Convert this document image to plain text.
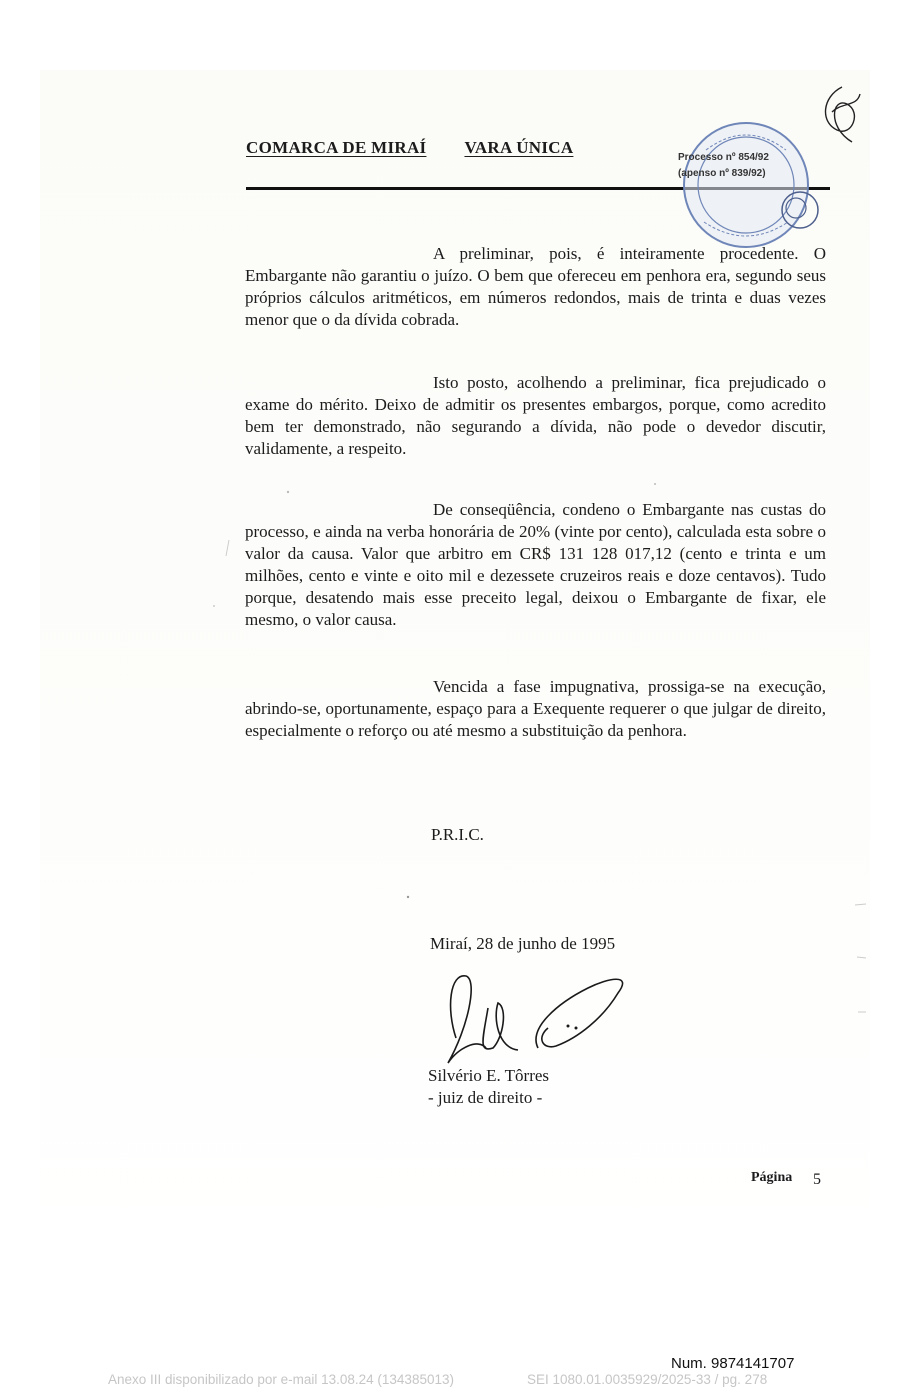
COMARCA DE MIRAÍ VARA ÚNICA
Processo nº 854/92
(apenso nº 839/92)

A preliminar, pois, é inteiramente procedente. O Embargante não garantiu o juízo. O bem que ofereceu em penhora era, segundo seus próprios cálculos aritméticos, em números redondos, mais de trinta e duas vezes menor que o da dívida cobrada.

Isto posto, acolhendo a preliminar, fica prejudicado o exame do mérito. Deixo de admitir os presentes embargos, porque, como acredito bem ter demonstrado, não segurando a dívida, não pode o devedor discutir, validamente, a respeito.

De conseqüência, condeno o Embargante nas custas do processo, e ainda na verba honorária de 20% (vinte por cento), calculada esta sobre o valor da causa. Valor que arbitro em CR$ 131 128 017,12 (cento e trinta e um milhões, cento e vinte e oito mil e dezessete cruzeiros reais e doze centavos). Tudo porque, desatendo mais esse preceito legal, deixou o Embargante de fixar, ele mesmo, o valor causa.

Vencida a fase impugnativa, prossiga-se na execução, abrindo-se, oportunamente, espaço para a Exequente requerer o que julgar de direito, especialmente o reforço ou até mesmo a substituição da penhora.

P.R.I.C.
Miraí, 28 de junho de 1995
Silvério E. Tôrres
- juiz de direito -
Página 5
Num. 9874141707
Anexo III disponibilizado por e-mail 13.08.24 (134385013)	SEI 1080.01.0035929/2025-33 / pg. 278
